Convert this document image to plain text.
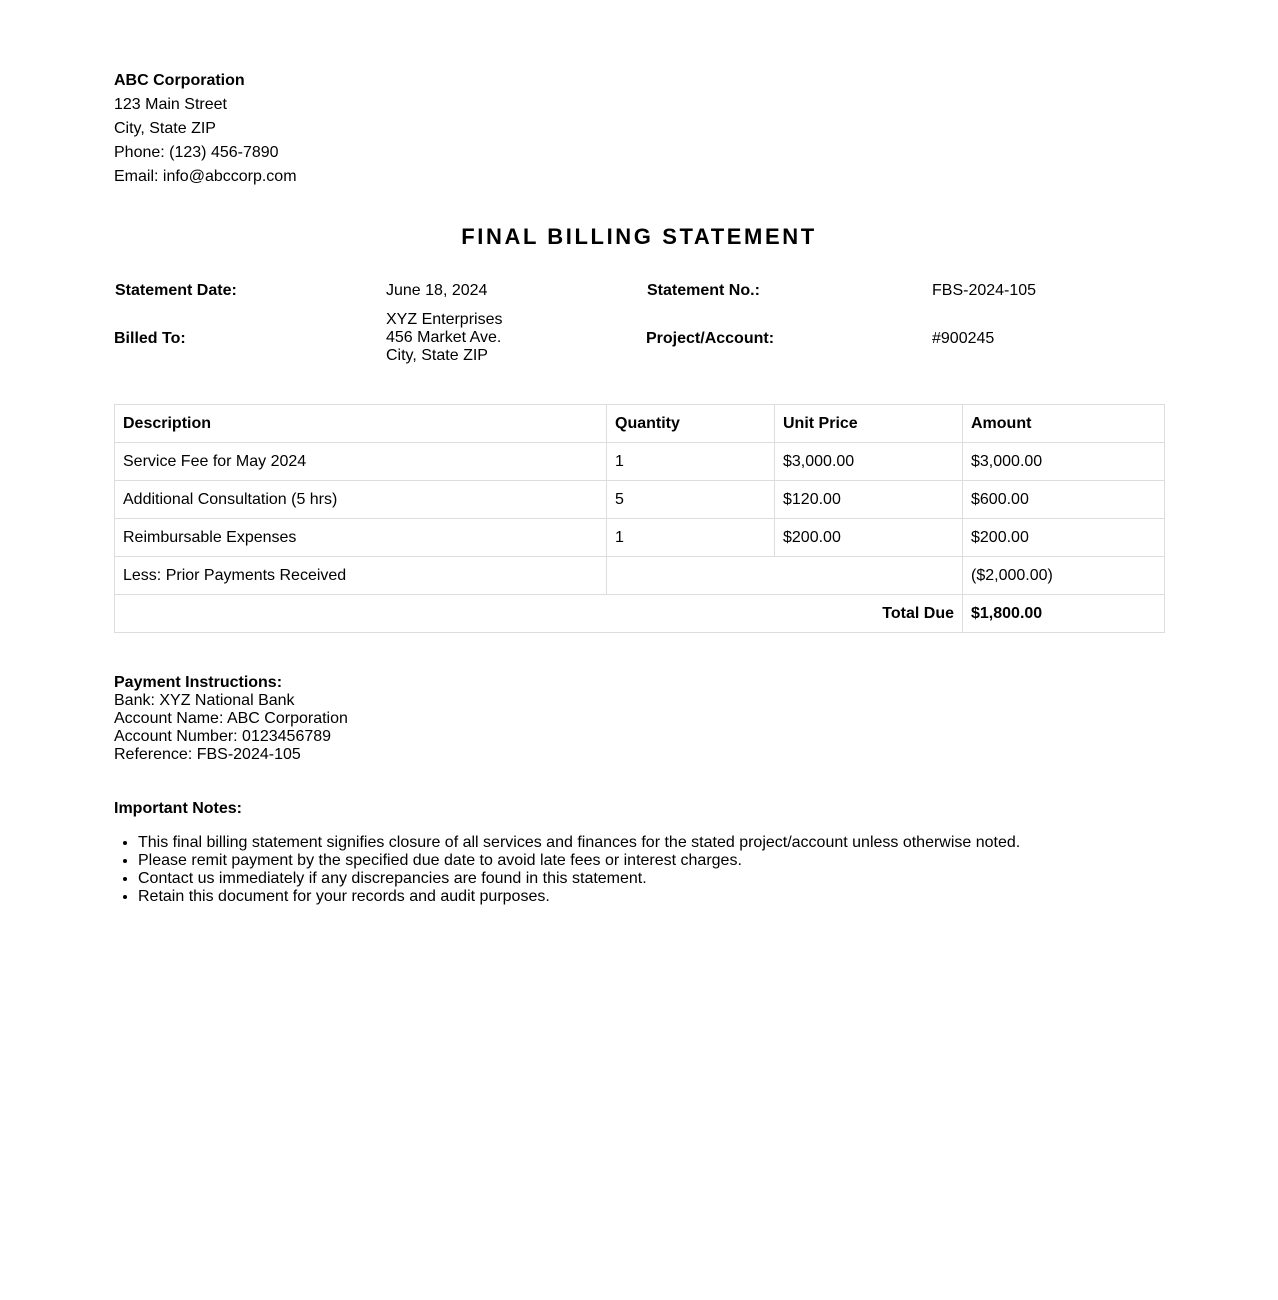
ABC Corporation
123 Main Street
City, State ZIP
Phone: (123) 456-7890
Email: info@abccorp.com
FINAL BILLING STATEMENT
Statement Date:	June 18, 2024	Statement No.:	FBS-2024-105
Billed To:
XYZ Enterprises
456 Market Ave.
City, State ZIP
Project/Account:	#900245
Description	Quantity	Unit Price	Amount
Service Fee for May 2024	1	$3,000.00	$3,000.00
Additional Consultation (5 hrs)	5	$120.00	$600.00
Reimbursable Expenses	1	$200.00	$200.00
Less: Prior Payments Received			($2,000.00)
Total Due			$1,800.00
Payment Instructions:
Bank: XYZ National Bank
Account Name: ABC Corporation
Account Number: 0123456789
Reference: FBS-2024-105
Important Notes:
• This final billing statement signifies closure of all services and finances for the stated project/account unless otherwise noted.
• Please remit payment by the specified due date to avoid late fees or interest charges.
• Contact us immediately if any discrepancies are found in this statement.
• Retain this document for your records and audit purposes.
